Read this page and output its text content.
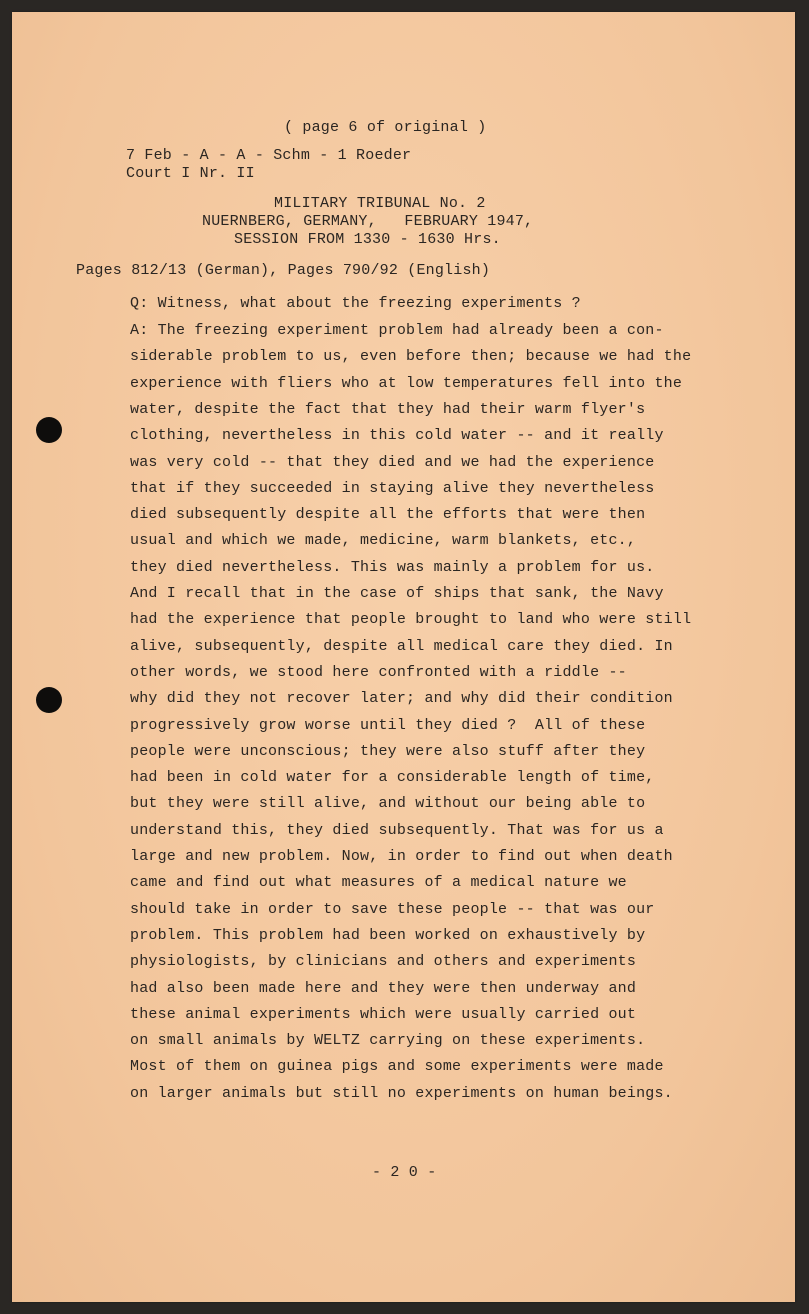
( page 6 of original )
7 Feb - A - A - Schm - 1 Roeder
Court I Nr. II
MILITARY TRIBUNAL No. 2
NUERNBERG, GERMANY,   FEBRUARY 1947,
SESSION FROM 1330 - 1630 Hrs.
Pages 812/13 (German), Pages 790/92 (English)
Q: Witness, what about the freezing experiments ?
A: The freezing experiment problem had already been a con-
siderable problem to us, even before then; because we had the
experience with fliers who at low temperatures fell into the
water, despite the fact that they had their warm flyer's
clothing, nevertheless in this cold water -- and it really
was very cold -- that they died and we had the experience
that if they succeeded in staying alive they nevertheless
died subsequently despite all the efforts that were then
usual and which we made, medicine, warm blankets, etc.,
they died nevertheless. This was mainly a problem for us.
And I recall that in the case of ships that sank, the Navy
had the experience that people brought to land who were still
alive, subsequently, despite all medical care they died. In
other words, we stood here confronted with a riddle --
why did they not recover later; and why did their condition
progressively grow worse until they died ?  All of these
people were unconscious; they were also stuff after they
had been in cold water for a considerable length of time,
but they were still alive, and without our being able to
understand this, they died subsequently. That was for us a
large and new problem. Now, in order to find out when death
came and find out what measures of a medical nature we
should take in order to save these people -- that was our
problem. This problem had been worked on exhaustively by
physiologists, by clinicians and others and experiments
had also been made here and they were then underway and
these animal experiments which were usually carried out
on small animals by WELTZ carrying on these experiments.
Most of them on guinea pigs and some experiments were made
on larger animals but still no experiments on human beings.
- 2 0 -
